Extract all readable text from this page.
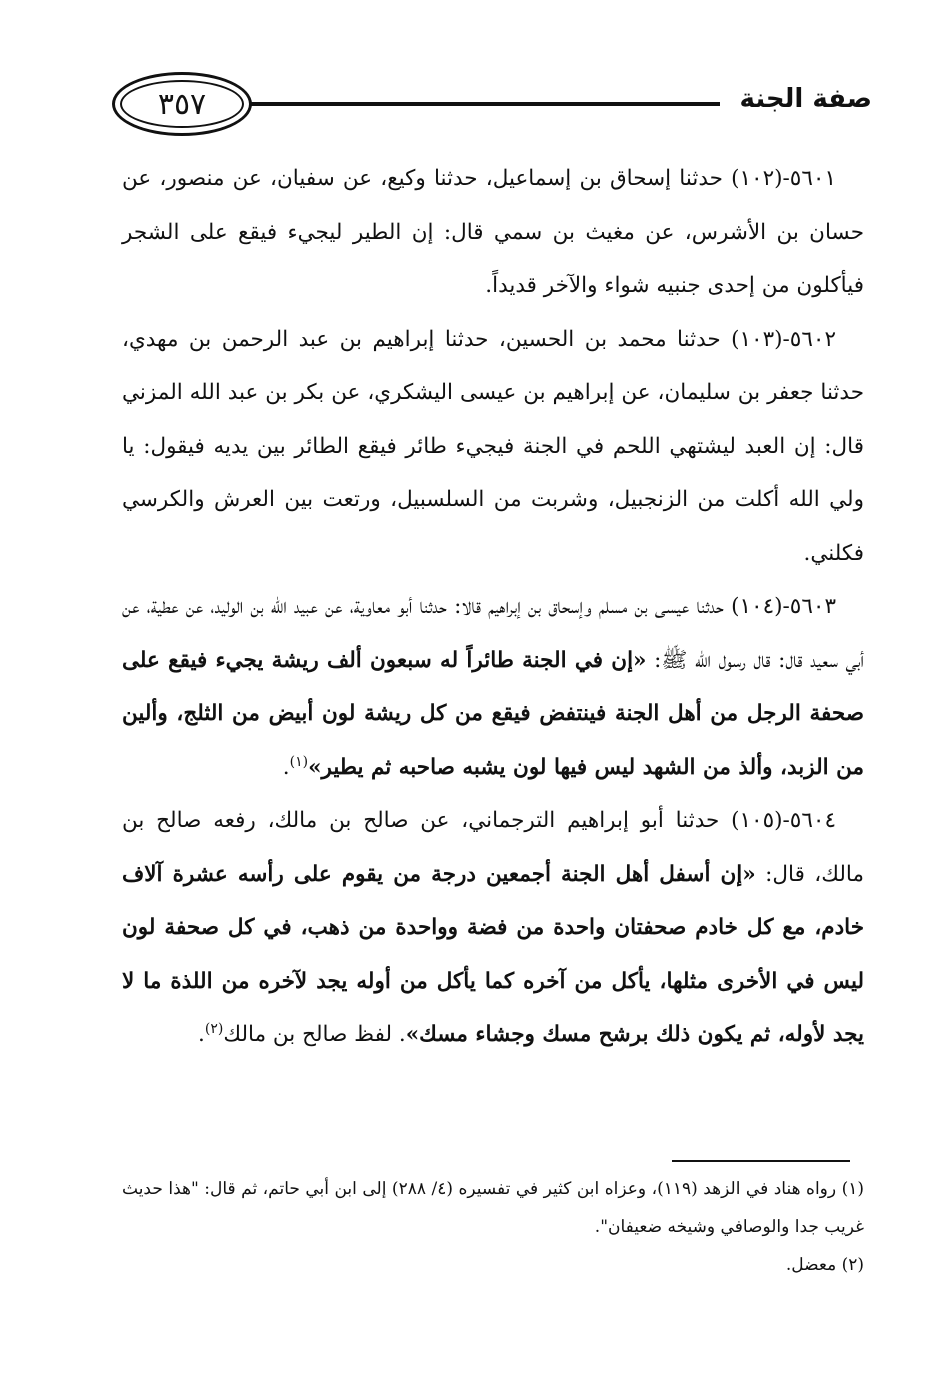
٣٥٧	صفة الجنة

٥٦٠١-(١٠٢) حدثنا إسحاق بن إسماعيل، حدثنا وكيع، عن سفيان، عن منصور، عن حسان بن الأشرس، عن مغيث بن سمي قال: إن الطير ليجيء فيقع على الشجر فيأكلون من إحدى جنبيه شواء والآخر قديداً.

٥٦٠٢-(١٠٣) حدثنا محمد بن الحسين، حدثنا إبراهيم بن عبد الرحمن بن مهدي، حدثنا جعفر بن سليمان، عن إبراهيم بن عيسى اليشكري، عن بكر بن عبد الله المزني قال: إن العبد ليشتهي اللحم في الجنة فيجيء طائر فيقع الطائر بين يديه فيقول: يا ولي الله أكلت من الزنجبيل، وشربت من السلسبيل، ورتعت بين العرش والكرسي فكلني.

٥٦٠٣-(١٠٤) حدثنا عيسى بن مسلم وإسحاق بن إبراهيم قالا: حدثنا أبو معاوية، عن عبيد الله بن الوليد، عن عطية، عن أبي سعيد قال: قال رسول الله ﷺ: «إن في الجنة طائراً له سبعون ألف ريشة يجيء فيقع على صحفة الرجل من أهل الجنة فينتفض فيقع من كل ريشة لون أبيض من الثلج، وألين من الزبد، وألذ من الشهد ليس فيها لون يشبه صاحبه ثم يطير»$^{(١)}$.

٥٦٠٤-(١٠٥) حدثنا أبو إبراهيم الترجماني، عن صالح بن مالك، رفعه صالح بن مالك، قال: «إن أسفل أهل الجنة أجمعين درجة من يقوم على رأسه عشرة آلاف خادم، مع كل خادم صحفتان واحدة من فضة وواحدة من ذهب، في كل صحفة لون ليس في الأخرى مثلها، يأكل من آخره كما يأكل من أوله يجد لآخره من اللذة ما لا يجد لأوله، ثم يكون ذلك برشح مسك وجشاء مسك». لفظ صالح بن مالك$^{(٢)}$.

(١) رواه هناد في الزهد (١١٩)، وعزاه ابن كثير في تفسيره (٤/ ٢٨٨) إلى ابن أبي حاتم، ثم قال: "هذا حديث غريب جدا والوصافي وشيخه ضعيفان".

(٢) معضل.
